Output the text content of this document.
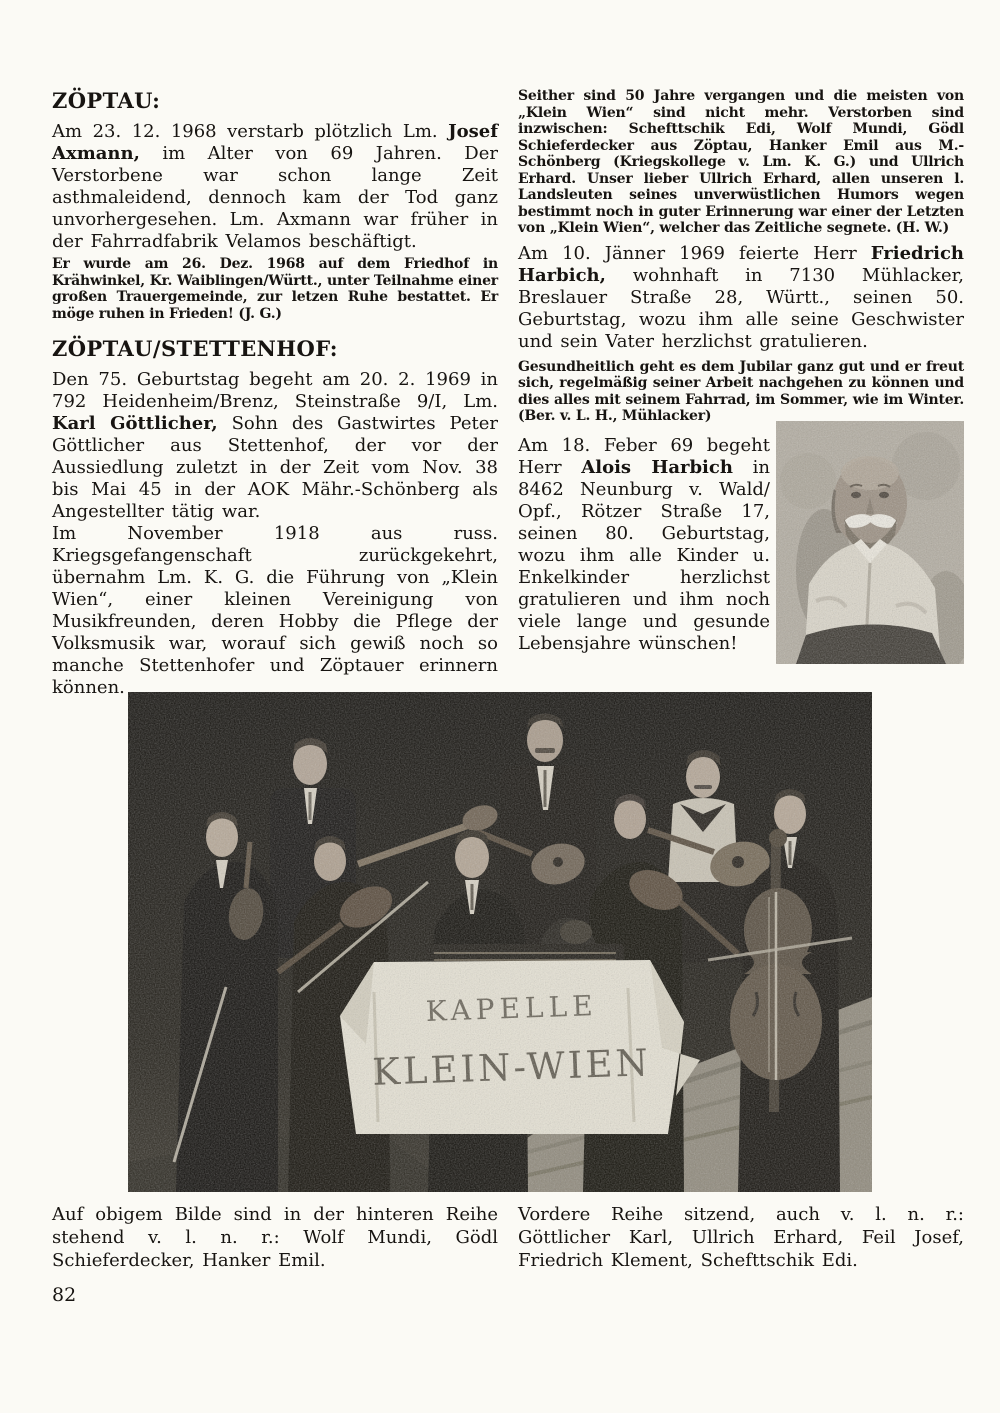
ZÖPTAU:

Am 23. 12. 1968 verstarb plötzlich Lm. Josef Axmann, im Alter von 69 Jahren. Der Verstorbene war schon lange Zeit asthmaleidend, dennoch kam der Tod ganz unvorhergesehen. Lm. Axmann war früher in der Fahrradfabrik Velamos beschäftigt.

Er wurde am 26. Dez. 1968 auf dem Friedhof in Krähwinkel, Kr. Waiblingen/Württ., unter Teilnahme einer großen Trauergemeinde, zur letzen Ruhe bestattet. Er möge ruhen in Frieden! (J. G.)

ZÖPTAU/STETTENHOF:

Den 75. Geburtstag begeht am 20. 2. 1969 in 792 Heidenheim/Brenz, Steinstraße 9/I, Lm. Karl Göttlicher, Sohn des Gastwirtes Peter Göttlicher aus Stettenhof, der vor der Aussiedlung zuletzt in der Zeit vom Nov. 38 bis Mai 45 in der AOK Mähr.-Schönberg als Angestellter tätig war.

Im November 1918 aus russ. Kriegsgefangenschaft zurückgekehrt, übernahm Lm. K. G. die Führung von „Klein Wien“, einer kleinen Vereinigung von Musikfreunden, deren Hobby die Pflege der Volksmusik war, worauf sich gewiß noch so manche Stettenhofer und Zöptauer erinnern können.

Seither sind 50 Jahre vergangen und die meisten von „Klein Wien“ sind nicht mehr. Verstorben sind inzwischen: Schefttschik Edi, Wolf Mundi, Gödl Schieferdecker aus Zöptau, Hanker Emil aus M.-Schönberg (Kriegskollege v. Lm. K. G.) und Ullrich Erhard. Unser lieber Ullrich Erhard, allen unseren l. Landsleuten seines unverwüstlichen Humors wegen bestimmt noch in guter Erinnerung war einer der Letzten von „Klein Wien“, welcher das Zeitliche segnete. (H. W.)

Am 10. Jänner 1969 feierte Herr Friedrich Harbich, wohnhaft in 7130 Mühlacker, Breslauer Straße 28, Württ., seinen 50. Geburtstag, wozu ihm alle seine Geschwister und sein Vater herzlichst gratulieren.

Gesundheitlich geht es dem Jubilar ganz gut und er freut sich, regelmäßig seiner Arbeit nachgehen zu können und dies alles mit seinem Fahrrad, im Sommer, wie im Winter. (Ber. v. L. H., Mühlacker)

Am 18. Feber 69 begeht Herr Alois Harbich in 8462 Neunburg v. Wald/ Opf., Rötzer Straße 17, seinen 80. Geburtstag, wozu ihm alle Kinder u. Enkelkinder herzlichst gratulieren und ihm noch viele lange und gesunde Lebensjahre wünschen!

Auf obigem Bilde sind in der hinteren Reihe stehend v. l. n. r.: Wolf Mundi, Gödl Schieferdecker, Hanker Emil.

Vordere Reihe sitzend, auch v. l. n. r.: Göttlicher Karl, Ullrich Erhard, Feil Josef, Friedrich Klement, Schefttschik Edi.

82
